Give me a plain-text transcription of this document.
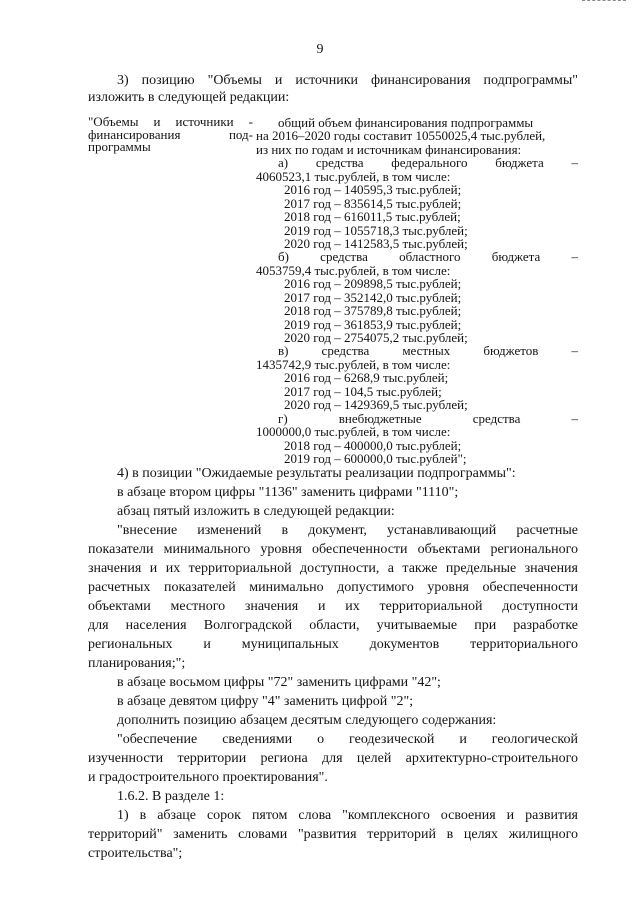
9
3) позицию "Объемы и источники финансирования подпрограммы"
изложить в следующей редакции:
"Объемы и источники -
финансирования под-
программы
общий объем финансирования подпрограммы
на 2016–2020 годы составит 10550025,4 тыс.рублей,
из них по годам и источникам финансирования:
а) средства федерального бюджета –
4060523,1 тыс.рублей, в том числе:
2016 год – 140595,3 тыс.рублей;
2017 год – 835614,5 тыс.рублей;
2018 год – 616011,5 тыс.рублей;
2019 год – 1055718,3 тыс.рублей;
2020 год – 1412583,5 тыс.рублей;
б) средства областного бюджета –
4053759,4 тыс.рублей, в том числе:
2016 год – 209898,5 тыс.рублей;
2017 год – 352142,0 тыс.рублей;
2018 год – 375789,8 тыс.рублей;
2019 год – 361853,9 тыс.рублей;
2020 год – 2754075,2 тыс.рублей;
в) средства местных бюджетов –
1435742,9 тыс.рублей, в том числе:
2016 год – 6268,9 тыс.рублей;
2017 год – 104,5 тыс.рублей;
2020 год – 1429369,5 тыс.рублей;
г) внебюджетные средства –
1000000,0 тыс.рублей, в том числе:
2018 год – 400000,0 тыс.рублей;
2019 год – 600000,0 тыс.рублей";
4) в позиции "Ожидаемые результаты реализации подпрограммы":
в абзаце втором цифры "1136" заменить цифрами "1110";
абзац пятый изложить в следующей редакции:
"внесение изменений в документ, устанавливающий расчетные
показатели минимального уровня обеспеченности объектами регионального
значения и их территориальной доступности, а также предельные значения
расчетных показателей минимально допустимого уровня обеспеченности
объектами местного значения и их территориальной доступности
для населения Волгоградской области, учитываемые при разработке
региональных и муниципальных документов территориального
планирования;";
в абзаце восьмом цифры "72" заменить цифрами "42";
в абзаце девятом цифру "4" заменить цифрой "2";
дополнить позицию абзацем десятым следующего содержания:
"обеспечение сведениями о геодезической и геологической
изученности территории региона для целей архитектурно-строительного
и градостроительного проектирования".
1.6.2. В разделе 1:
1) в абзаце сорок пятом слова "комплексного освоения и развития
территорий" заменить словами "развития территорий в целях жилищного
строительства";
